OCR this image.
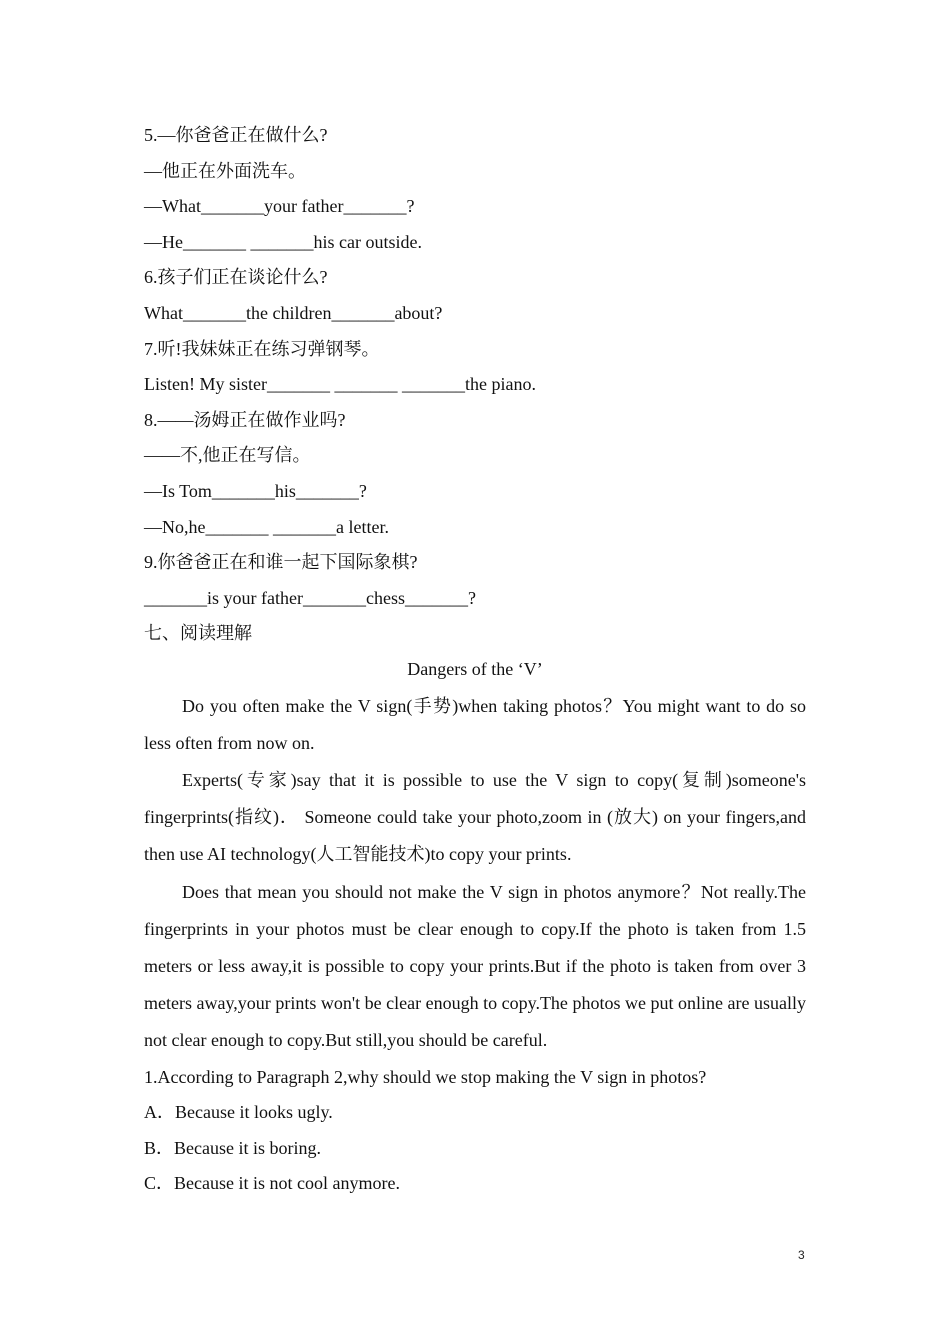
5.—你爸爸正在做什么?
—他正在外面洗车。
—What_______your father_______?
—He_______ _______his car outside.
6.孩子们正在谈论什么?
What_______the children_______about?
7.听!我妹妹正在练习弹钢琴。
Listen! My sister_______ _______ _______the piano.
8.——汤姆正在做作业吗?
——不,他正在写信。
—Is Tom_______his_______?
—No,he_______ _______a letter.
9.你爸爸正在和谁一起下国际象棋?
_______is your father_______chess_______?
七、阅读理解
Dangers of the ‘V’
Do you often make the V sign(手势)when taking photos？You might want to do so less often from now on.
Experts(专家)say that it is possible to use the V sign to copy(复制)someone's fingerprints(指纹)． Someone could take your photo,zoom in (放大) on your fingers,and then use AI technology(人工智能技术)to copy your prints.
Does that mean you should not make the V sign in photos anymore？Not really.The fingerprints in your photos must be clear enough to copy.If the photo is taken from 1.5 meters or less away,it is possible to copy your prints.But if the photo is taken from over 3 meters away,your prints won't be clear enough to copy.The photos we put online are usually not clear enough to copy.But still,you should be careful.
1.According to Paragraph 2,why should we stop making the V sign in photos?
A．Because it looks ugly.
B．Because it is boring.
C．Because it is not cool anymore.
3
